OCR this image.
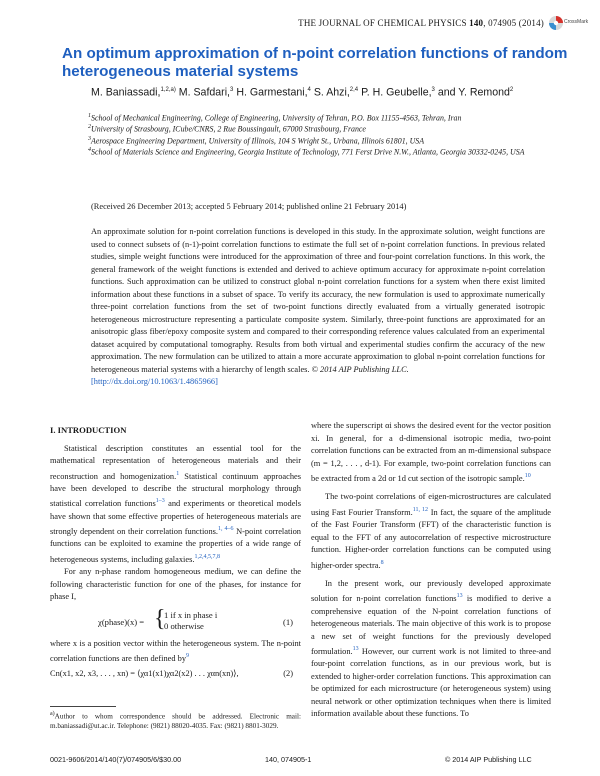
THE JOURNAL OF CHEMICAL PHYSICS 140, 074905 (2014)	CrossMark
An optimum approximation of n-point correlation functions of random heterogeneous material systems
M. Baniassadi,$^{1,2,a)}$ M. Safdari,$^3$ H. Garmestani,$^4$ S. Ahzi,$^{2,4}$ P. H. Geubelle,$^3$ and Y. Remond$^2$
$^1$School of Mechanical Engineering, College of Engineering, University of Tehran, P.O. Box 11155-4563, Tehran, Iran
$^2$University of Strasbourg, ICube/CNRS, 2 Rue Boussingault, 67000 Strasbourg, France
$^3$Aerospace Engineering Department, University of Illinois, 104 S Wright St., Urbana, Illinois 61801, USA
$^4$School of Materials Science and Engineering, Georgia Institute of Technology, 771 Ferst Drive N.W., Atlanta, Georgia 30332-0245, USA
(Received 26 December 2013; accepted 5 February 2014; published online 21 February 2014)
An approximate solution for n-point correlation functions is developed in this study. In the approximate solution, weight functions are used to connect subsets of (n-1)-point correlation functions to estimate the full set of n-point correlation functions. In previous related studies, simple weight functions were introduced for the approximation of three and four-point correlation functions. In this work, the general framework of the weight functions is extended and derived to achieve optimum accuracy for approximate n-point correlation functions. Such approximation can be utilized to construct global n-point correlation functions for a system when there exist limited information about these functions in a subset of space. To verify its accuracy, the new formulation is used to approximate numerically three-point correlation functions from the set of two-point functions directly evaluated from a virtually generated isotropic heterogeneous microstructure representing a particulate composite system. Similarly, three-point functions are approximated for an anisotropic glass fiber/epoxy composite system and compared to their corresponding reference values calculated from an experimental dataset acquired by computational tomography. Results from both virtual and experimental studies confirm the accuracy of the new approximation. The new formulation can be utilized to attain a more accurate approximation to global n-point correlation functions for heterogeneous material systems with a hierarchy of length scales. © 2014 AIP Publishing LLC.
[http://dx.doi.org/10.1063/1.4865966]
I. INTRODUCTION

Statistical description constitutes an essential tool for the mathematical representation of heterogeneous materials and their reconstruction and homogenization.$^1$ Statistical continuum approaches have been developed to describe the structural morphology through statistical correlation functions$^{1-3}$ and experiments or theoretical models have shown that some effective properties of heterogeneous materials are strongly dependent on their correlation functions.$^{1, 4-6}$ N-point correlation functions can be exploited to examine the properties of a wide range of heterogeneous systems, including galaxies.$^{1,2,4,5,7,8}$

For any n-phase random homogeneous medium, we can define the following characteristic function for one of the phases, for instance for phase I,

χ(phase)(x) = {
1 if x in phase i
0 otherwise	(1)

where x is a position vector within the heterogeneous system. The n-point correlation functions are then defined by$^9$

Cn(x1, x2, x3, . . . , xn) = ⟨χα1(x1)χα2(x2) . . . χαn(xn)⟩,	(2)

where the superscript αi shows the desired event for the vector position xi. In general, for a d-dimensional isotropic media, two-point correlation functions can be extracted from an m-dimensional subspace (m = 1,2, . . . , d-1). For example, two-point correlation functions can be extracted from a 2d or 1d cut section of the isotropic sample.$^{10}$

The two-point correlations of eigen-microstructures are calculated using Fast Fourier Transform.$^{11, 12}$ In fact, the square of the amplitude of the Fast Fourier Transform (FFT) of the characteristic function is equal to the FFT of any autocorrelation of respective microstructure function. Higher-order correlation functions can be computed using higher-order spectra.$^8$

In the present work, our previously developed approximate solution for n-point correlation functions$^{13}$ is modified to derive a comprehensive equation of the N-point correlation functions of heterogeneous materials. The main objective of this work is to propose a new set of weight functions for the previously developed formulation.$^{13}$ However, our current work is not limited to three-and four-point correlation functions, as in our previous work, but is extended to higher-order correlation functions. This approximation can be optimized for each microstructure (or heterogeneous system) using neural network or other optimization techniques when there is limited information available about these functions. To

$^{a)}$Author to whom correspondence should be addressed. Electronic mail: m.baniassadi@ut.ac.ir. Telephone: (9821) 88020-4035. Fax: (9821) 8801-3029.
0021-9606/2014/140(7)/074905/6/$30.00	140, 074905-1	© 2014 AIP Publishing LLC
